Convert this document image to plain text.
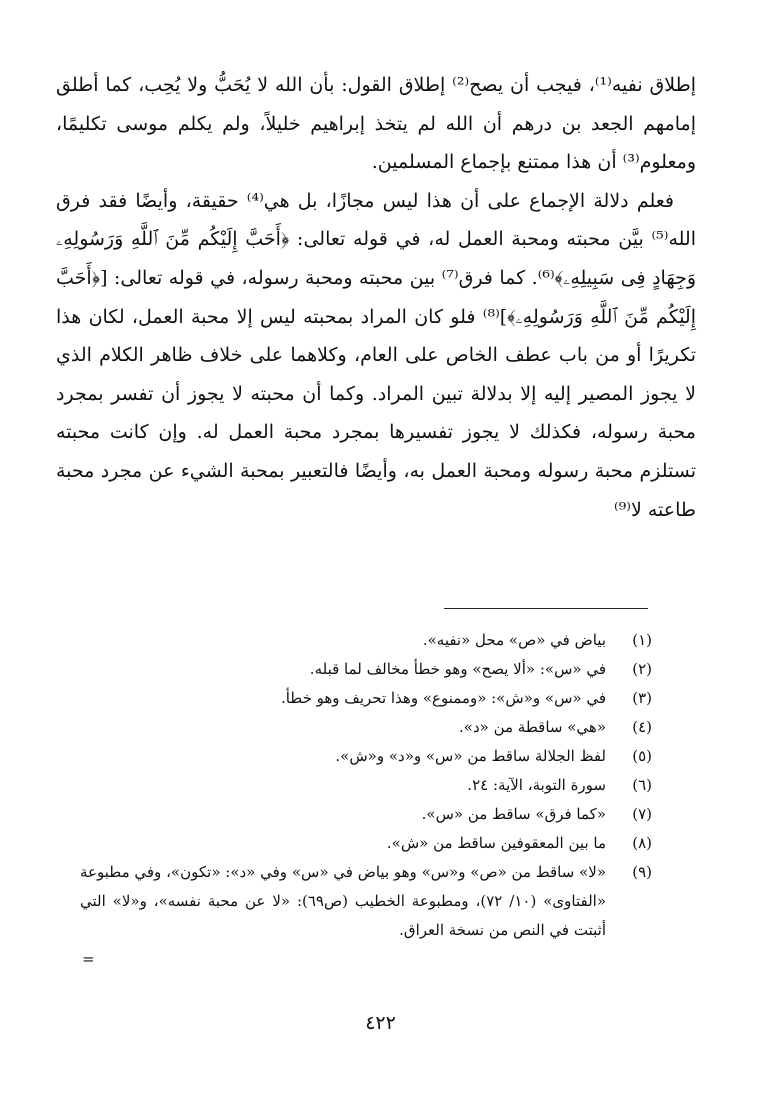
إطلاق نفيه⁽¹⁾، فيجب أن يصح⁽²⁾ إطلاق القول: بأن الله لا يُحَبُّ ولا يُحِب، كما أطلق إمامهم الجعد بن درهم أن الله لم يتخذ إبراهيم خليلاً، ولم يكلم موسى تكليمًا، ومعلوم⁽³⁾ أن هذا ممتنع بإجماع المسلمين.

فعلم دلالة الإجماع على أن هذا ليس مجازًا، بل هي⁽⁴⁾ حقيقة، وأيضًا فقد فرق الله⁽⁵⁾ بيَّن محبته ومحبة العمل له، في قوله تعالى: ﴿أَحَبَّ إِلَيْكُم مِّنَ ٱللَّهِ وَرَسُولِهِۦ وَجِهَادٍ فِى سَبِيلِهِۦ﴾⁽⁶⁾. كما فرق⁽⁷⁾ بين محبته ومحبة رسوله، في قوله تعالى: [﴿أَحَبَّ إِلَيْكُم مِّنَ ٱللَّهِ وَرَسُولِهِۦ﴾]⁽⁸⁾ فلو كان المراد بمحبته ليس إلا محبة العمل، لكان هذا تكريرًا أو من باب عطف الخاص على العام، وكلاهما على خلاف ظاهر الكلام الذي لا يجوز المصير إليه إلا بدلالة تبين المراد. وكما أن محبته لا يجوز أن تفسر بمجرد محبة رسوله، فكذلك لا يجوز تفسيرها بمجرد محبة العمل له. وإن كانت محبته تستلزم محبة رسوله ومحبة العمل به، وأيضًا فالتعبير بمحبة الشيء عن مجرد محبة طاعته لا⁽⁹⁾

(١)
بياض في «ص» محل «نفيه».
(٢)
في «س»: «ألا يصح» وهو خطأ مخالف لما قبله.
(٣)
في «س» و«ش»: «وممنوع» وهذا تحريف وهو خطأ.
(٤)
«هي» ساقطة من «د».
(٥)
لفظ الجلالة ساقط من «س» و«د» و«ش».
(٦)
سورة التوبة، الآية: ٢٤.
(٧)
«كما فرق» ساقط من «س».
(٨)
ما بين المعقوفين ساقط من «ش».
(٩)
«لا» ساقط من «ص» و«س» وهو بياض في «س» وفي «د»: «تكون»، وفي مطبوعة «الفتاوى» (١٠/ ٧٢)، ومطبوعة الخطيب (ص٦٩): «لا عن محبة نفسه»، و«لا» التي أثبتت في النص من نسخة العراق.
=
٤٢٢
